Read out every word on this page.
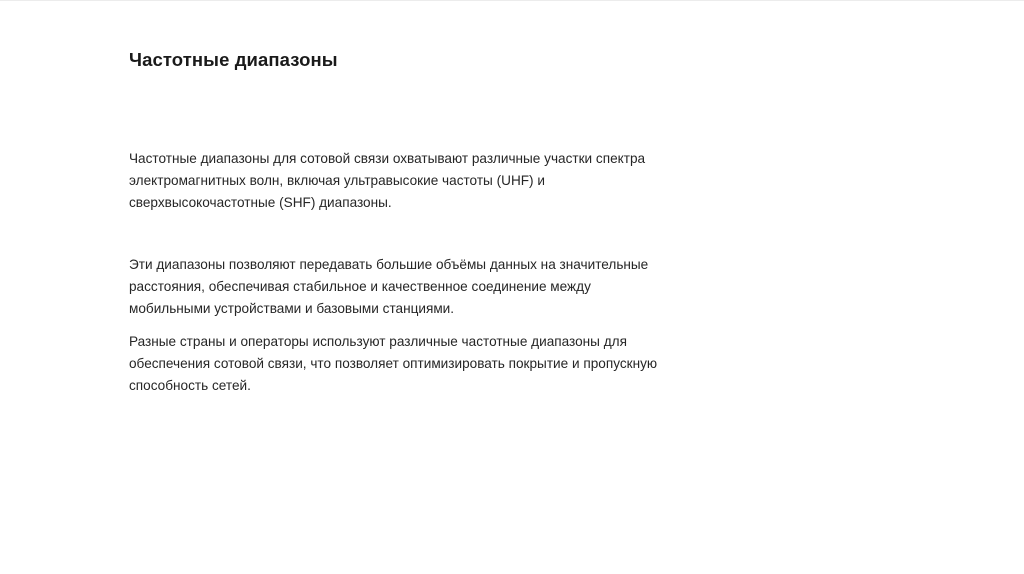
Частотные диапазоны

Частотные диапазоны для сотовой связи охватывают различные участки спектра
электромагнитных волн, включая ультравысокие частоты (UHF) и
сверхвысокочастотные (SHF) диапазоны.

Эти диапазоны позволяют передавать большие объёмы данных на значительные
расстояния, обеспечивая стабильное и качественное соединение между
мобильными устройствами и базовыми станциями.

Разные страны и операторы используют различные частотные диапазоны для
обеспечения сотовой связи, что позволяет оптимизировать покрытие и пропускную
способность сетей.
